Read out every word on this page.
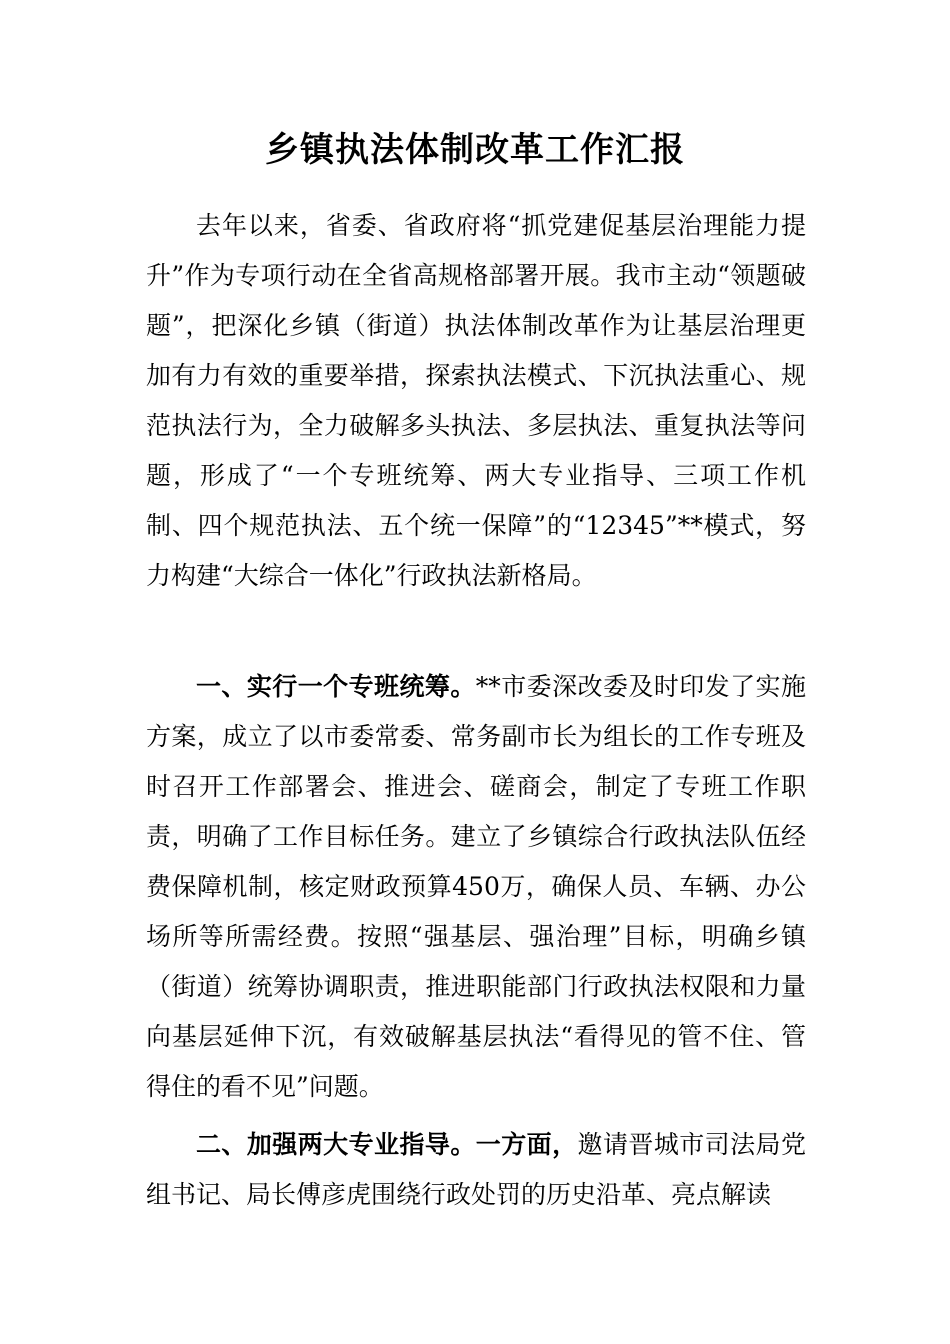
乡镇执法体制改革工作汇报

去年以来，省委、省政府将“抓党建促基层治理能力提升”作为专项行动在全省高规格部署开展。我市主动“领题破题”，把深化乡镇（街道）执法体制改革作为让基层治理更加有力有效的重要举措，探索执法模式、下沉执法重心、规范执法行为，全力破解多头执法、多层执法、重复执法等问题，形成了“一个专班统筹、两大专业指导、三项工作机制、四个规范执法、五个统一保障”的“12345”**模式，努力构建“大综合一体化”行政执法新格局。

一、实行一个专班统筹。**市委深改委及时印发了实施方案，成立了以市委常委、常务副市长为组长的工作专班及时召开工作部署会、推进会、磋商会，制定了专班工作职责，明确了工作目标任务。建立了乡镇综合行政执法队伍经费保障机制，核定财政预算450万，确保人员、车辆、办公场所等所需经费。按照“强基层、强治理”目标，明确乡镇（街道）统筹协调职责，推进职能部门行政执法权限和力量向基层延伸下沉，有效破解基层执法“看得见的管不住、管得住的看不见”问题。

二、加强两大专业指导。一方面，邀请晋城市司法局党组书记、局长傅彦虎围绕行政处罚的历史沿革、亮点解读
